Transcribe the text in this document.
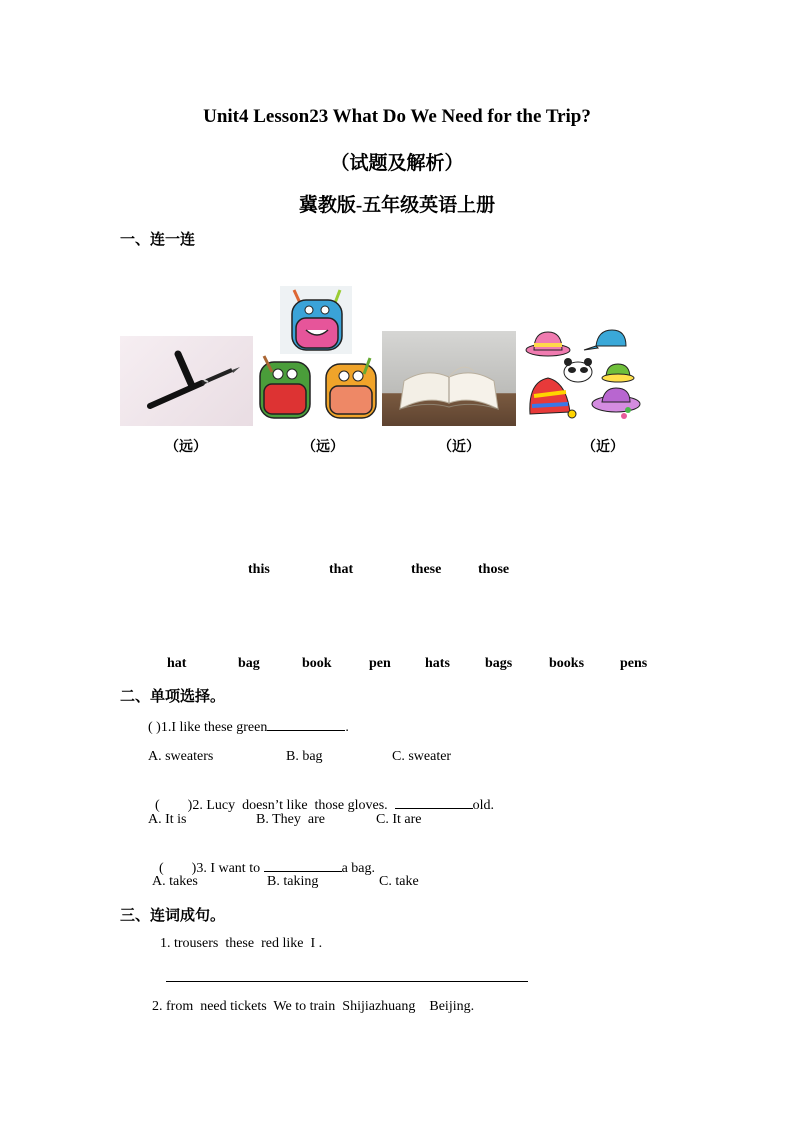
Unit4 Lesson23 What Do We Need for the Trip?
（试题及解析）
冀教版-五年级英语上册
一、连一连
（远）	（远）	（近）	（近）
this	that	these	those
hat	bag	book	pen hats	bags	books	pens
二、单项选择。
( )1.I like these green	.
A. sweaters	B. bag	C. sweater

(        )2. Lucy  doesn’t like  those gloves.	old.

A. It is	B. They  are	C. It are

(        )3. I want to	a bag.

A. takes	B. taking	C. take
三、连词成句。
1. trousers  these  red like  I .
2. from  need tickets  We to train  Shijiazhuang    Beijing.
